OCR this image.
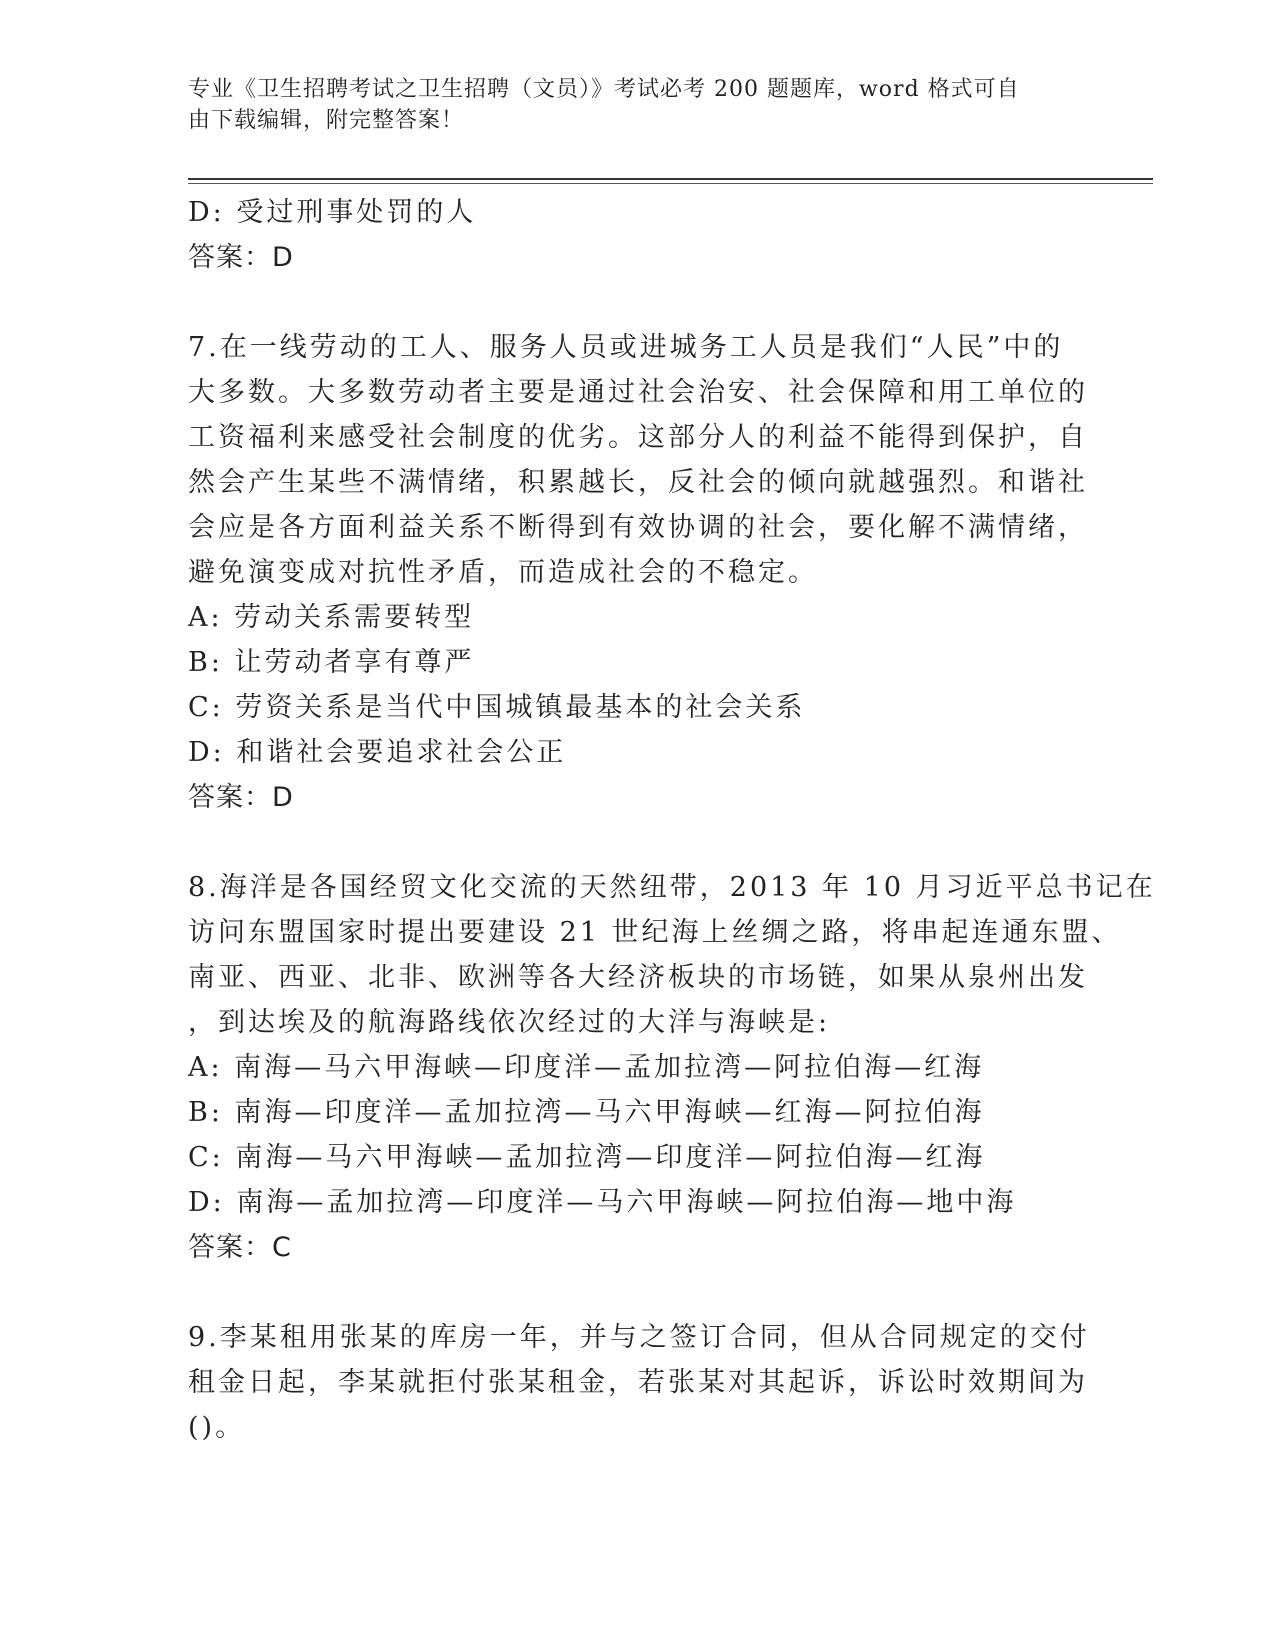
专业《卫生招聘考试之卫生招聘（文员）》考试必考 200 题题库，word 格式可自
由下载编辑，附完整答案！
D: 受过刑事处罚的人
答案：D
7.在一线劳动的工人、服务人员或进城务工人员是我们“人民”中的
大多数。大多数劳动者主要是通过社会治安、社会保障和用工单位的
工资福利来感受社会制度的优劣。这部分人的利益不能得到保护，自
然会产生某些不满情绪，积累越长，反社会的倾向就越强烈。和谐社
会应是各方面利益关系不断得到有效协调的社会，要化解不满情绪，
避免演变成对抗性矛盾，而造成社会的不稳定。
A: 劳动关系需要转型
B: 让劳动者享有尊严
C: 劳资关系是当代中国城镇最基本的社会关系
D: 和谐社会要追求社会公正
答案：D
8.海洋是各国经贸文化交流的天然纽带，2013 年 10 月习近平总书记在
访问东盟国家时提出要建设 21 世纪海上丝绸之路，将串起连通东盟、
南亚、西亚、北非、欧洲等各大经济板块的市场链，如果从泉州出发
，到达埃及的航海路线依次经过的大洋与海峡是:
A: 南海—马六甲海峡—印度洋—孟加拉湾—阿拉伯海—红海
B: 南海—印度洋—孟加拉湾—马六甲海峡—红海—阿拉伯海
C: 南海—马六甲海峡—孟加拉湾—印度洋—阿拉伯海—红海
D: 南海—孟加拉湾—印度洋—马六甲海峡—阿拉伯海—地中海
答案：C
9.李某租用张某的库房一年，并与之签订合同，但从合同规定的交付
租金日起，李某就拒付张某租金，若张某对其起诉，诉讼时效期间为
()。
